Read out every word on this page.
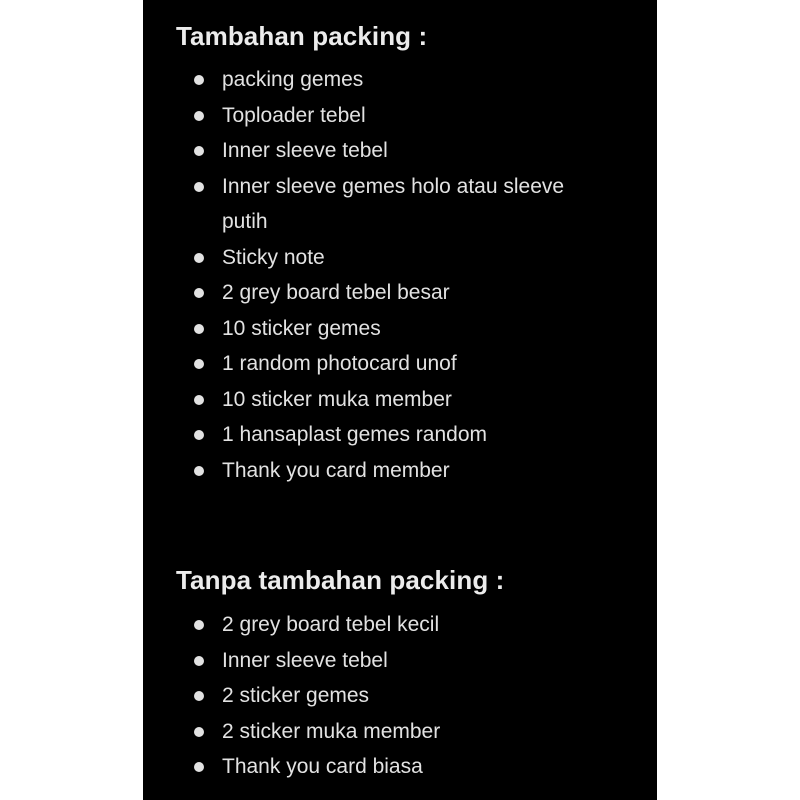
Tambahan packing :
packing gemes
Toploader tebel
Inner sleeve tebel
Inner sleeve gemes holo atau sleeve putih
Sticky note
2 grey board tebel besar
10 sticker gemes
1 random photocard unof
10 sticker muka member
1 hansaplast gemes random
Thank you card member
Tanpa tambahan packing :
2 grey board tebel kecil
Inner sleeve tebel
2 sticker gemes
2 sticker muka member
Thank you card biasa
